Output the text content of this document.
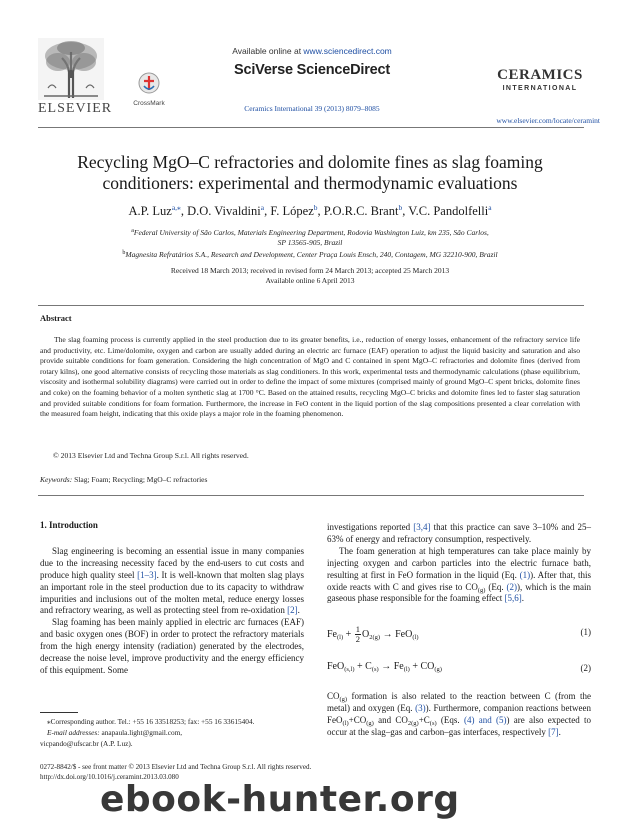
ELSEVIER	CrossMark
Available online at www.sciencedirect.com
SciVerse ScienceDirect
Ceramics International 39 (2013) 8079–8085
CERAMICS
INTERNATIONAL
www.elsevier.com/locate/ceramint
Recycling MgO–C refractories and dolomite fines as slag foaming
conditioners: experimental and thermodynamic evaluations
A.P. Luz$^{a,⁎}$, D.O. Vivaldini$^a$, F. López$^b$, P.O.R.C. Brant$^b$, V.C. Pandolfelli$^a$
$^a$Federal University of São Carlos, Materials Engineering Department, Rodovia Washington Luiz, km 235, São Carlos,
SP 13565-905, Brazil
$^b$Magnesita Refratários S.A., Research and Development, Center Praça Louis Ensch, 240, Contagem, MG 32210-900, Brazil
Received 18 March 2013; received in revised form 24 March 2013; accepted 25 March 2013
Available online 6 April 2013
Abstract
The slag foaming process is currently applied in the steel production due to its greater benefits, i.e., reduction of energy losses, enhancement of the refractory service life and productivity, etc. Lime/dolomite, oxygen and carbon are usually added during an electric arc furnace (EAF) operation to adjust the liquid basicity and saturation and also provide suitable conditions for foam generation. Considering the high concentration of MgO and C contained in spent MgO–C refractories and dolomite fines (derived from rotary kilns), one good alternative consists of recycling those materials as slag conditioners. In this work, experimental tests and thermodynamic calculations (phase equilibrium, viscosity and isothermal solubility diagrams) were carried out in order to define the impact of some mixtures (comprised mainly of ground MgO–C spent bricks, dolomite fines and coke) on the foaming behavior of a molten synthetic slag at 1700 °C. Based on the attained results, recycling MgO–C bricks and dolomite fines led to faster slag saturation and provided suitable conditions for foam formation. Furthermore, the increase in FeO content in the liquid portion of the slag compositions presented a clear correlation with the measured foam height, indicating that this oxide plays a major role in the foaming phenomenon.
© 2013 Elsevier Ltd and Techna Group S.r.l. All rights reserved.
Keywords: Slag; Foam; Recycling; MgO–C refractories
1. Introduction
Slag engineering is becoming an essential issue in many companies due to the increasing necessity faced by the end-users to cut costs and produce high quality steel [1–3]. It is well-known that molten slag plays an important role in the steel production due to its capacity to withdraw impurities and inclusions out of the molten metal, reduce energy losses and refractory wearing, as well as protecting steel from re-oxidation [2].
Slag foaming has been mainly applied in electric arc furnaces (EAF) and basic oxygen ones (BOF) in order to protect the refractory materials from the high energy intensity (radiation) generated by the electrodes, decrease the noise level, improve productivity and the energy efficiency of this equipment. Some
investigations reported [3,4] that this practice can save 3–10% and 25–63% of energy and refractory consumption, respectively.
The foam generation at high temperatures can take place mainly by injecting oxygen and carbon particles into the electric furnace bath, resulting at first in FeO formation in the liquid (Eq. (1)). After that, this oxide reacts with C and gives rise to $CO_{(g)}$ (Eq. (2)), which is the main gaseous phase responsible for the foaming effect [5,6].
$Fe_{(l)} + \frac{1}{2} O_{2(g)} \to FeO_{(l)}$
(1)
$FeO_{(s,l)} + C_{(s)} \to Fe_{(l)} + CO_{(g)}$	(2)
$CO_{(g)}$ formation is also related to the reaction between C (from the metal) and oxygen (Eq. (3)). Furthermore, companion reactions between $FeO_{(l)}+CO_{(g)}$ and $CO_{2(g)}+C_{(s)}$ (Eqs. (4) and (5)) are also expected to occur at the slag–gas and carbon–gas interfaces, respectively [7].
⁎Corresponding author. Tel.: +55 16 33518253; fax: +55 16 33615404.
E-mail addresses: anapaula.light@gmail.com,
vicpando@ufscar.br (A.P. Luz).
0272-8842/$ - see front matter © 2013 Elsevier Ltd and Techna Group S.r.l. All rights reserved.
http://dx.doi.org/10.1016/j.ceramint.2013.03.080
ebook-hunter.org
